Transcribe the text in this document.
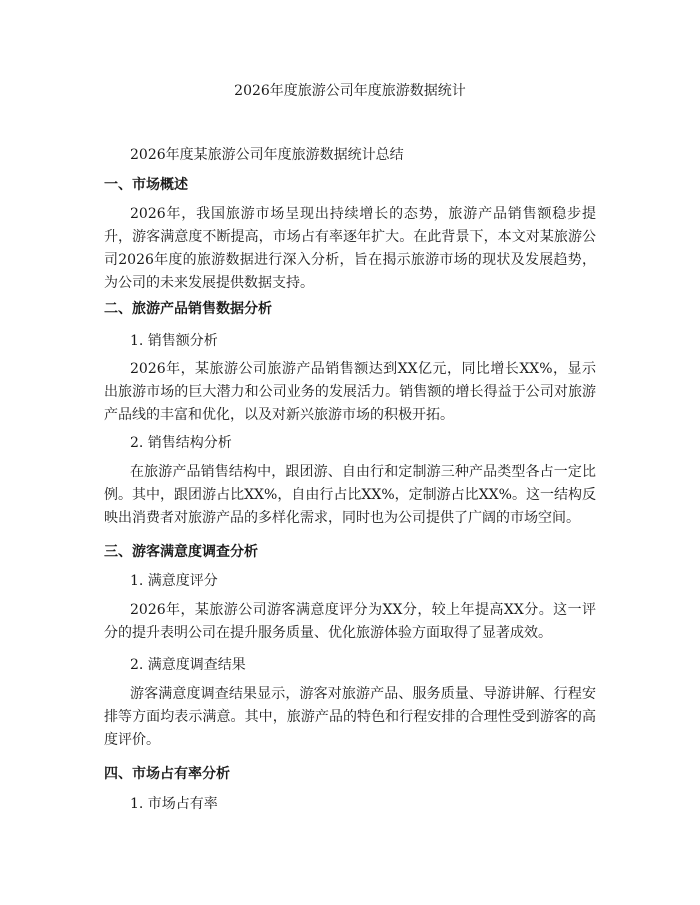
2026年度旅游公司年度旅游数据统计
2026年度某旅游公司年度旅游数据统计总结
一、市场概述

2026年，我国旅游市场呈现出持续增长的态势，旅游产品销售额稳步提升，游客满意度不断提高，市场占有率逐年扩大。在此背景下，本文对某旅游公司2026年度的旅游数据进行深入分析，旨在揭示旅游市场的现状及发展趋势，为公司的未来发展提供数据支持。

二、旅游产品销售数据分析
1. 销售额分析

2026年，某旅游公司旅游产品销售额达到XX亿元，同比增长XX%，显示出旅游市场的巨大潜力和公司业务的发展活力。销售额的增长得益于公司对旅游产品线的丰富和优化，以及对新兴旅游市场的积极开拓。

2. 销售结构分析

在旅游产品销售结构中，跟团游、自由行和定制游三种产品类型各占一定比例。其中，跟团游占比XX%，自由行占比XX%，定制游占比XX%。这一结构反映出消费者对旅游产品的多样化需求，同时也为公司提供了广阔的市场空间。

三、游客满意度调查分析
1. 满意度评分

2026年，某旅游公司游客满意度评分为XX分，较上年提高XX分。这一评分的提升表明公司在提升服务质量、优化旅游体验方面取得了显著成效。

2. 满意度调查结果

游客满意度调查结果显示，游客对旅游产品、服务质量、导游讲解、行程安排等方面均表示满意。其中，旅游产品的特色和行程安排的合理性受到游客的高度评价。

四、市场占有率分析
1. 市场占有率
